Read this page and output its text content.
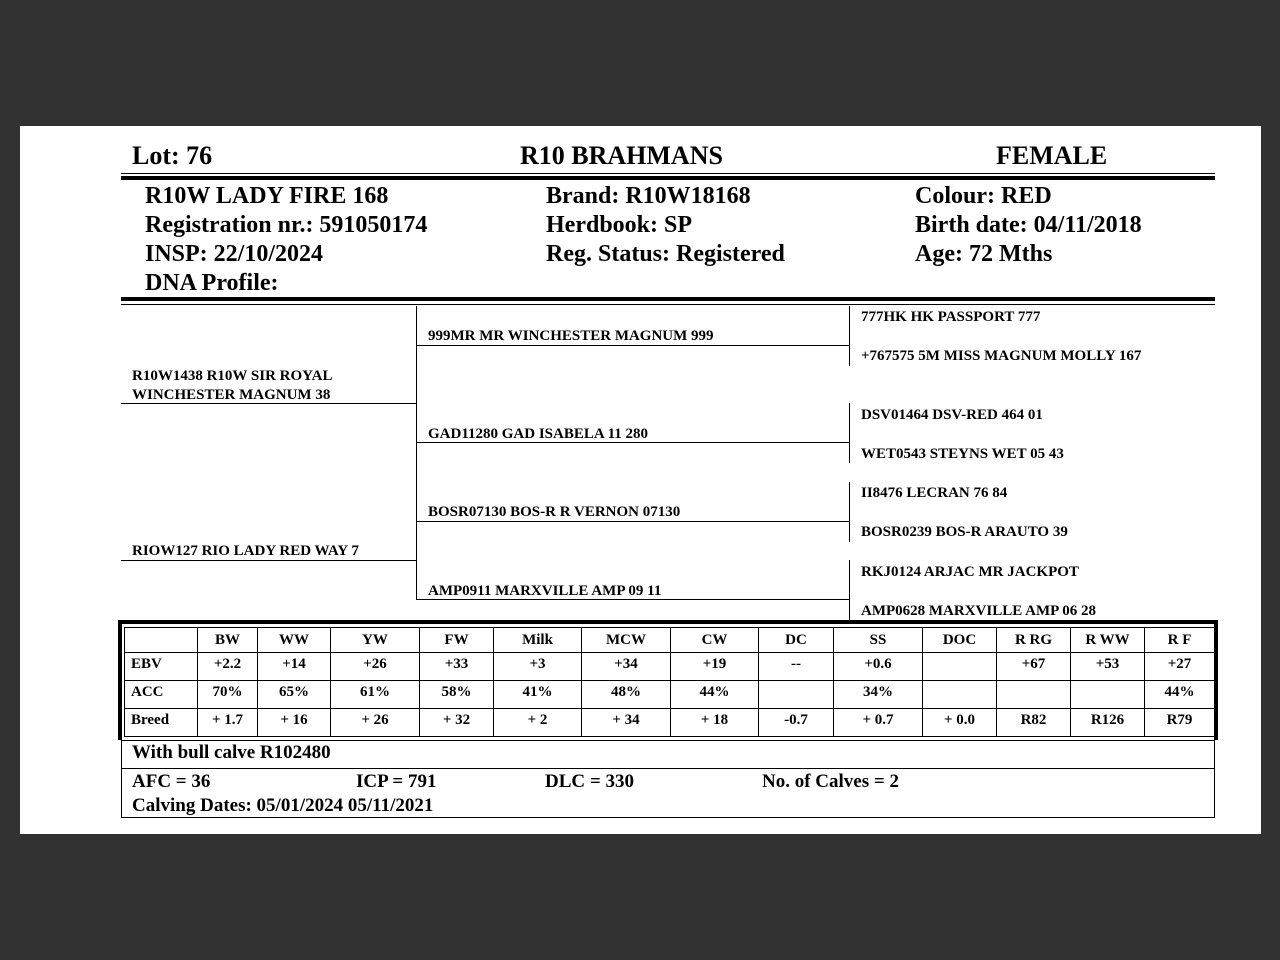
Lot: 76	R10 BRAHMANS	FEMALE
R10W LADY FIRE 168
Registration nr.: 591050174
INSP: 22/10/2024
DNA Profile:
Brand: R10W18168
Herdbook: SP
Reg. Status: Registered
Colour: RED
Birth date: 04/11/2018
Age: 72 Mths
R10W1438 R10W SIR ROYAL
WINCHESTER MAGNUM 38
RIOW127 RIO LADY RED WAY 7
999MR MR WINCHESTER MAGNUM 999
GAD11280 GAD ISABELA 11 280
BOSR07130 BOS-R R VERNON 07130
AMP0911 MARXVILLE AMP 09 11
777HK HK PASSPORT 777
+767575 5M MISS MAGNUM MOLLY 167
DSV01464 DSV-RED 464 01
WET0543 STEYNS WET 05 43
II8476 LECRAN 76 84
BOSR0239 BOS-R ARAUTO 39
RKJ0124 ARJAC MR JACKPOT
AMP0628 MARXVILLE AMP 06 28
	BW	WW	YW	FW	Milk	MCW	CW	DC	SS	DOC	R RG	R WW	R F
EBV	+2.2	+14	+26	+33	+3	+34	+19	--	+0.6		+67	+53	+27
ACC	70%	65%	61%	58%	41%	48%	44%		34%				44%
Breed	+ 1.7	+ 16	+ 26	+ 32	+ 2	+ 34	+ 18	-0.7	+ 0.7	+ 0.0	R82	R126	R79
With bull calve R102480
AFC = 36	ICP = 791	DLC = 330	No. of Calves = 2
Calving Dates: 05/01/2024 05/11/2021
